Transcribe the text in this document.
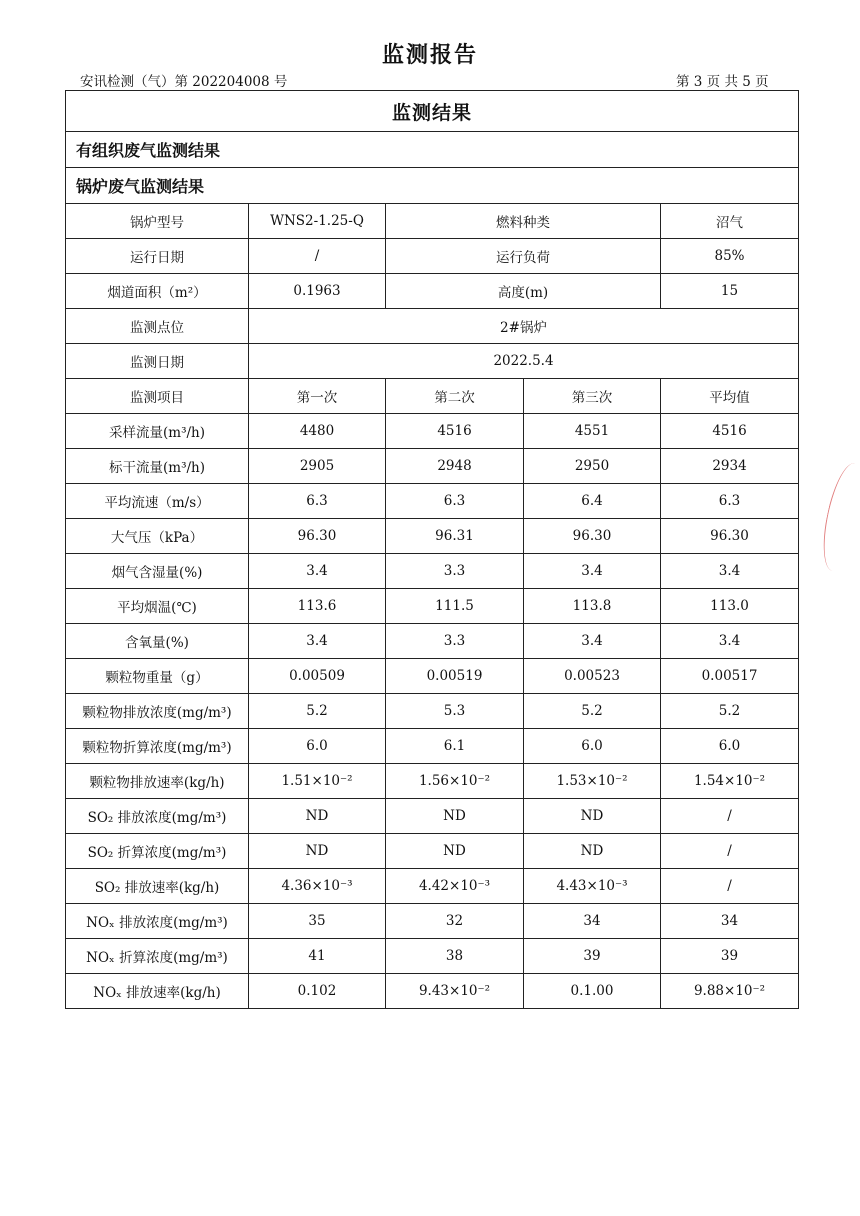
监测报告
安讯检测（气）第 202204008 号	第 3 页 共 5 页
监测结果				
有组织废气监测结果				
锅炉废气监测结果				
锅炉型号	WNS2-1.25-Q	燃料种类		沼气
运行日期	/	运行负荷		85%
烟道面积（m²）	0.1963	高度(m)		15
监测点位	2#锅炉			
监测日期	2022.5.4			
监测项目	第一次	第二次	第三次	平均值
采样流量(m³/h)	4480	4516	4551	4516
标干流量(m³/h)	2905	2948	2950	2934
平均流速（m/s）	6.3	6.3	6.4	6.3
大气压（kPa）	96.30	96.31	96.30	96.30
烟气含湿量(%)	3.4	3.3	3.4	3.4
平均烟温(℃)	113.6	111.5	113.8	113.0
含氧量(%)	3.4	3.3	3.4	3.4
颗粒物重量（g）	0.00509	0.00519	0.00523	0.00517
颗粒物排放浓度(mg/m³)	5.2	5.3	5.2	5.2
颗粒物折算浓度(mg/m³)	6.0	6.1	6.0	6.0
颗粒物排放速率(kg/h)	1.51×10⁻²	1.56×10⁻²	1.53×10⁻²	1.54×10⁻²
SO₂ 排放浓度(mg/m³)	ND	ND	ND	/
SO₂ 折算浓度(mg/m³)	ND	ND	ND	/
SO₂ 排放速率(kg/h)	4.36×10⁻³	4.42×10⁻³	4.43×10⁻³	/
NOₓ 排放浓度(mg/m³)	35	32	34	34
NOₓ 折算浓度(mg/m³)	41	38	39	39
NOₓ 排放速率(kg/h)	0.102	9.43×10⁻²	0.1.00	9.88×10⁻²
